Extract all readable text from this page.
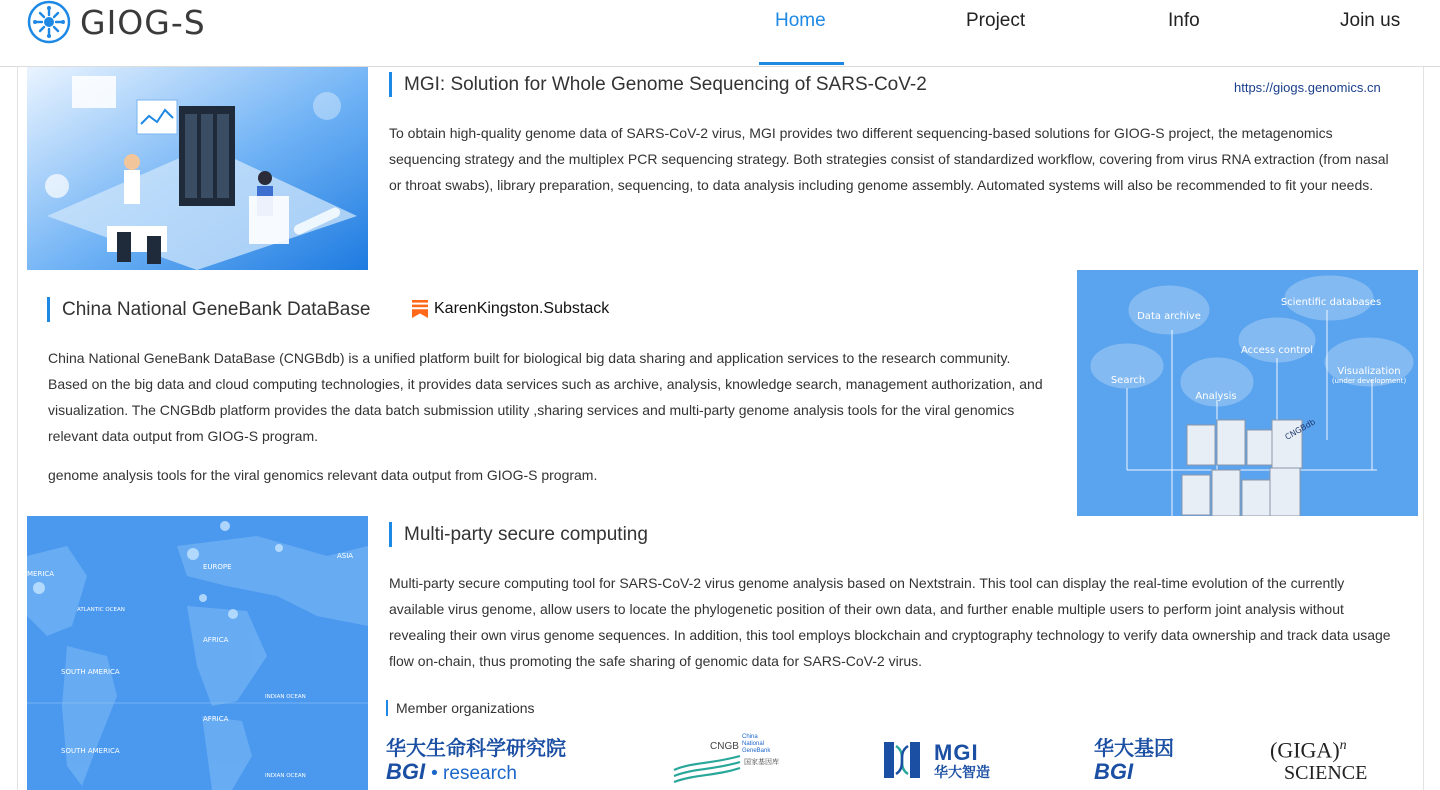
GIOG-S	Home	Project	Info	Join us
MGI: Solution for Whole Genome Sequencing of SARS-CoV-2	https://giogs.genomics.cn
To obtain high-quality genome data of SARS-CoV-2 virus, MGI provides two different sequencing-based solutions for GIOG-S project, the metagenomics sequencing strategy and the multiplex PCR sequencing strategy. Both strategies consist of standardized workflow, covering from virus RNA extraction (from nasal or throat swabs), library preparation, sequencing, to data analysis including genome assembly. Automated systems will also be recommended to fit your needs.
China National GeneBank DataBase	KarenKingston.Substack
China National GeneBank DataBase (CNGBdb) is a unified platform built for biological big data sharing and application services to the research community. Based on the big data and cloud computing technologies, it provides data services such as archive, analysis, knowledge search, management authorization, and visualization. The CNGBdb platform provides the data batch submission utility ,sharing services and multi-party genome analysis tools for the viral genomics relevant data output from GIOG-S program.
genome analysis tools for the viral genomics relevant data output from GIOG-S program.
Data archive
Scientific databases
Access control
Search
Analysis
Visualization
(under development)
CNGBdb
MERICA
EUROPE
ASIA
ATLANTIC OCEAN
AFRICA
SOUTH AMERICA
INDIAN OCEAN
AFRICA
SOUTH AMERICA
INDIAN OCEAN
Multi-party secure computing
Multi-party secure computing tool for SARS-CoV-2 virus genome analysis based on Nextstrain. This tool can display the real-time evolution of the currently available virus genome, allow users to locate the phylogenetic position of their own data, and further enable multiple users to perform joint analysis without revealing their own virus genome sequences. In addition, this tool employs blockchain and cryptography technology to verify data ownership and track data usage flow on-chain, thus promoting the safe sharing of genomic data for SARS-CoV-2 virus.
Member organizations
华大生命科学研究院
BGI • research
CNGB
China
National
GeneBank
国家基因库	MGI
华大智造
华大基因
BGI
(GIGA)$^n$
SCIENCE
